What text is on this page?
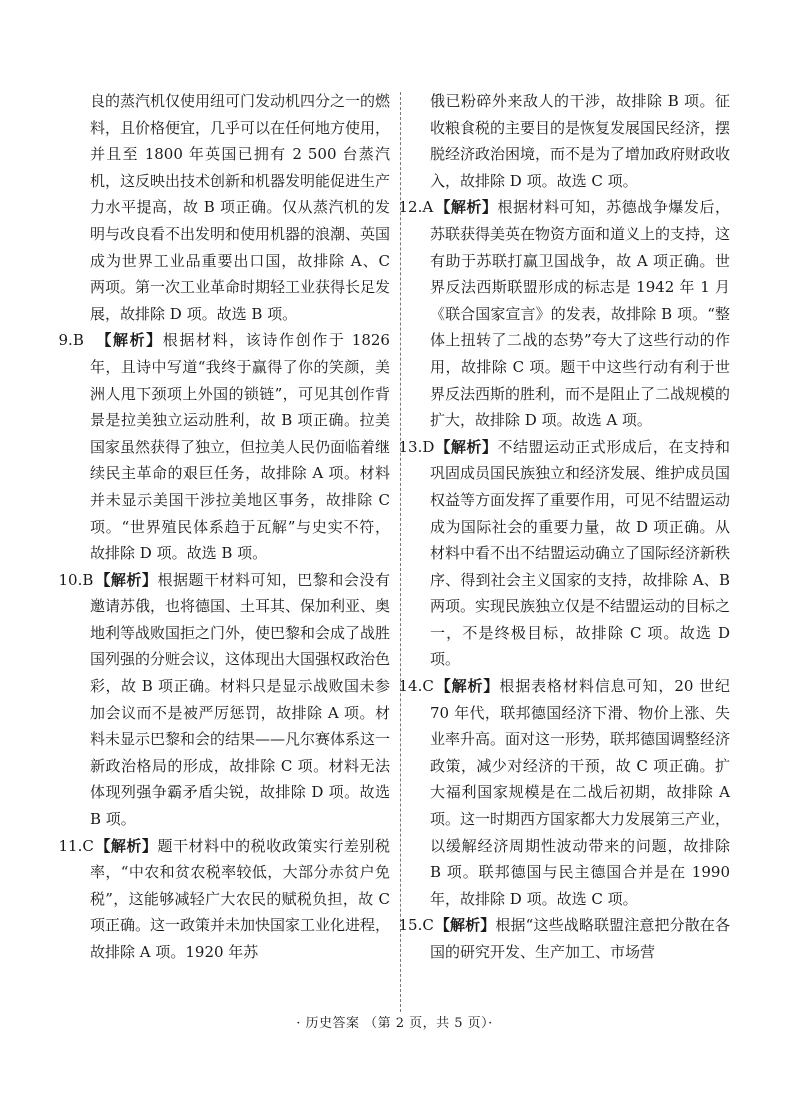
良的蒸汽机仅使用纽可门发动机四分之一的燃料，且价格便宜，几乎可以在任何地方使用，并且至 1800 年英国已拥有 2 500 台蒸汽机，这反映出技术创新和机器发明能促进生产力水平提高，故 B 项正确。仅从蒸汽机的发明与改良看不出发明和使用机器的浪潮、英国成为世界工业品重要出口国，故排除 A、C 两项。第一次工业革命时期轻工业获得长足发展，故排除 D 项。故选 B 项。

9.B 【解析】根据材料，该诗作创作于 1826 年，且诗中写道“我终于赢得了你的笑颜，美洲人甩下颈项上外国的锁链”，可见其创作背景是拉美独立运动胜利，故 B 项正确。拉美国家虽然获得了独立，但拉美人民仍面临着继续民主革命的艰巨任务，故排除 A 项。材料并未显示美国干涉拉美地区事务，故排除 C 项。“世界殖民体系趋于瓦解”与史实不符，故排除 D 项。故选 B 项。

10.B 【解析】根据题干材料可知，巴黎和会没有邀请苏俄，也将德国、土耳其、保加利亚、奥地利等战败国拒之门外，使巴黎和会成了战胜国列强的分赃会议，这体现出大国强权政治色彩，故 B 项正确。材料只是显示战败国未参加会议而不是被严厉惩罚，故排除 A 项。材料未显示巴黎和会的结果——凡尔赛体系这一新政治格局的形成，故排除 C 项。材料无法体现列强争霸矛盾尖锐，故排除 D 项。故选 B 项。

11.C 【解析】题干材料中的税收政策实行差别税率，“中农和贫农税率较低，大部分赤贫户免税”，这能够减轻广大农民的赋税负担，故 C 项正确。这一政策并未加快国家工业化进程，故排除 A 项。1920 年苏

俄已粉碎外来敌人的干涉，故排除 B 项。征收粮食税的主要目的是恢复发展国民经济，摆脱经济政治困境，而不是为了增加政府财政收入，故排除 D 项。故选 C 项。

12.A 【解析】根据材料可知，苏德战争爆发后，苏联获得美英在物资方面和道义上的支持，这有助于苏联打赢卫国战争，故 A 项正确。世界反法西斯联盟形成的标志是 1942 年 1 月《联合国家宣言》的发表，故排除 B 项。“整体上扭转了二战的态势”夸大了这些行动的作用，故排除 C 项。题干中这些行动有利于世界反法西斯的胜利，而不是阻止了二战规模的扩大，故排除 D 项。故选 A 项。

13.D 【解析】不结盟运动正式形成后，在支持和巩固成员国民族独立和经济发展、维护成员国权益等方面发挥了重要作用，可见不结盟运动成为国际社会的重要力量，故 D 项正确。从材料中看不出不结盟运动确立了国际经济新秩序、得到社会主义国家的支持，故排除 A、B 两项。实现民族独立仅是不结盟运动的目标之一，不是终极目标，故排除 C 项。故选 D 项。

14.C 【解析】根据表格材料信息可知，20 世纪 70 年代，联邦德国经济下滑、物价上涨、失业率升高。面对这一形势，联邦德国调整经济政策，减少对经济的干预，故 C 项正确。扩大福利国家规模是在二战后初期，故排除 A 项。这一时期西方国家都大力发展第三产业，以缓解经济周期性波动带来的问题，故排除 B 项。联邦德国与民主德国合并是在 1990 年，故排除 D 项。故选 C 项。

15.C 【解析】根据“这些战略联盟注意把分散在各国的研究开发、生产加工、市场营

· 历史答案 （第 2 页，共 5 页）·
